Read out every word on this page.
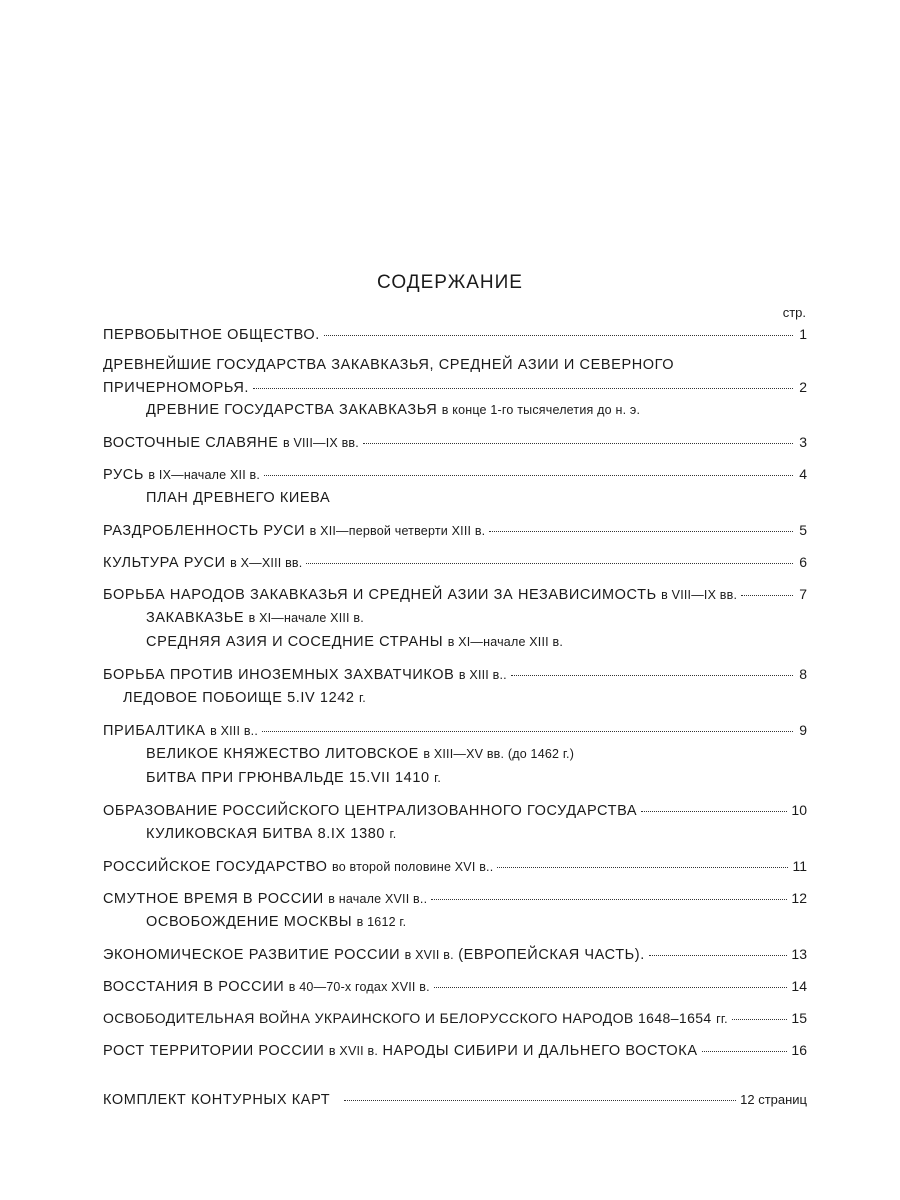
СОДЕРЖАНИЕ
стр.
ПЕРВОБЫТНОЕ ОБЩЕСТВО.	1
ДРЕВНЕЙШИЕ ГОСУДАРСТВА ЗАКАВКАЗЬЯ, СРЕДНЕЙ АЗИИ И СЕВЕРНОГО
ПРИЧЕРНОМОРЬЯ.	2
ДРЕВНИЕ ГОСУДАРСТВА ЗАКАВКАЗЬЯ
в конце 1-го тысячелетия до н. э.
ВОСТОЧНЫЕ СЛАВЯНЕ
в VIII—IX вв.	3
РУСЬ
в IX—начале XII в.	4
ПЛАН ДРЕВНЕГО КИЕВА
РАЗДРОБЛЕННОСТЬ РУСИ
в XII—первой четверти XIII в.	5
КУЛЬТУРА РУСИ
в X—XIII вв.	6
БОРЬБА НАРОДОВ ЗАКАВКАЗЬЯ И СРЕДНЕЙ АЗИИ ЗА НЕЗАВИСИМОСТЬ
в VIII—IX вв.	7
ЗАКАВКАЗЬЕ
в XI—начале XIII в.
СРЕДНЯЯ АЗИЯ И СОСЕДНИЕ СТРАНЫ
в XI—начале XIII в.
БОРЬБА ПРОТИВ ИНОЗЕМНЫХ ЗАХВАТЧИКОВ
в XIII в..	8
ЛЕДОВОЕ ПОБОИЩЕ 5.IV 1242
г.
ПРИБАЛТИКА
в XIII в..	9
ВЕЛИКОЕ КНЯЖЕСТВО ЛИТОВСКОЕ
в XIII—XV вв. (до 1462 г.)
БИТВА ПРИ ГРЮНВАЛЬДЕ 15.VII 1410
г.
ОБРАЗОВАНИЕ РОССИЙСКОГО ЦЕНТРАЛИЗОВАННОГО ГОСУДАРСТВА	10
КУЛИКОВСКАЯ БИТВА 8.IX 1380
г.
РОССИЙСКОЕ ГОСУДАРСТВО
во второй половине XVI в..	11
СМУТНОЕ ВРЕМЯ В РОССИИ
в начале XVII в..	12
ОСВОБОЖДЕНИЕ МОСКВЫ
в 1612 г.
ЭКОНОМИЧЕСКОЕ РАЗВИТИЕ РОССИИ
в XVII в.
(ЕВРОПЕЙСКАЯ ЧАСТЬ).	13
ВОССТАНИЯ В РОССИИ
в 40—70-х годах XVII в.	14
ОСВОБОДИТЕЛЬНАЯ ВОЙНА УКРАИНСКОГО И БЕЛОРУССКОГО НАРОДОВ 1648–1654
гг.	15
РОСТ ТЕРРИТОРИИ РОССИИ
в XVII в.
НАРОДЫ СИБИРИ И ДАЛЬНЕГО ВОСТОКА	16
КОМПЛЕКТ КОНТУРНЫХ КАРТ	12 страниц
